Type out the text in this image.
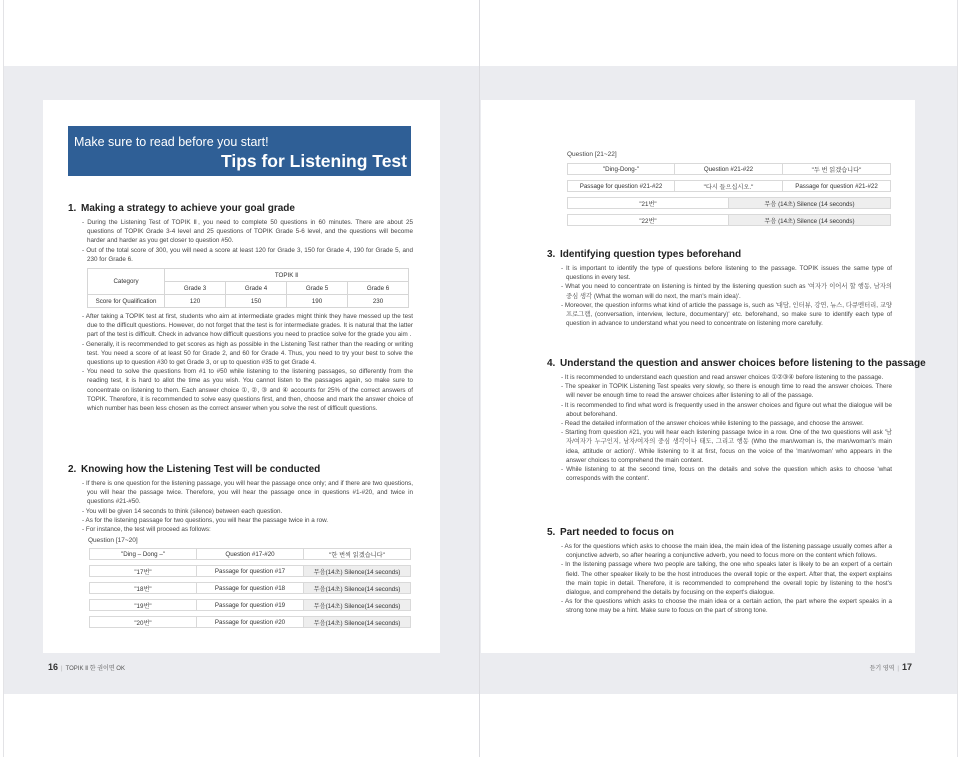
Make sure to read before you start!
Tips for Listening Test
1. Making a strategy to achieve your goal grade
- During the Listening Test of TOPIK Ⅱ, you need to complete 50 questions in 60 minutes. There are about 25 questions of TOPIK Grade 3-4 level and 25 questions of TOPIK Grade 5-6 level, and the questions will become harder and harder as you get closer to question #50.
- Out of the total score of 300, you will need a score at least 120 for Grade 3, 150 for Grade 4, 190 for Grade 5, and 230 for Grade 6.
Category	TOPIK Ⅱ			
	Grade 3	Grade 4	Grade 5	Grade 6
Score for Qualification	120	150	190	230
- After taking a TOPIK test at first, students who aim at intermediate grades might think they have messed up the test due to the difficult questions. However, do not forget that the test is for intermediate grades. It is natural that the latter part of the test is difficult. Check in advance how difficult questions you need to practice solve for the grade you aim .
- Generally, it is recommended to get scores as high as possible in the Listening Test rather than the reading or writing test. You need a score of at least 50 for Grade 2, and 60 for Grade 4. Thus, you need to try your best to solve the questions up to question #30 to get Grade 3, or up to question #35 to get Grade 4.
- You need to solve the questions from #1 to #50 while listening to the listening passages, so differently from the reading test, it is hard to allot the time as you wish. You cannot listen to the passages again, so make sure to concentrate on listening to them. Each answer choice ①, ②, ③ and ④ accounts for 25% of the correct answers of TOPIK. Therefore, it is recommended to solve easy questions first, and then, choose and mark the answer choice of which number has been less chosen as the correct answer when you solve the rest of difficult questions.
2. Knowing how the Listening Test will be conducted
- If there is one question for the listening passage, you will hear the passage once only; and if there are two questions, you will hear the passage twice. Therefore, you will hear the passage once in questions #1-#20, and twice in questions #21-#50.
- You will be given 14 seconds to think (silence) between each question.
- As for the listening passage for two questions, you will hear the passage twice in a row.
- For instance, the test will proceed as follows:
Question [17~20]
"Ding – Dong –"	Question #17-#20	"한 번씩 읽겠습니다"
"17번"	Passage for question #17	무음(14초) Silence(14 seconds)
"18번"	Passage for question #18	무음(14초) Silence(14 seconds)
"19번"	Passage for question #19	무음(14초) Silence(14 seconds)
"20번"	Passage for question #20	무음(14초) Silence(14 seconds)
16 | TOPIK Ⅱ 한 권이면 OK
Question [21~22]
"Ding-Dong-"	Question #21-#22	"두 번 읽겠습니다"
Passage for question #21-#22	"다시 들으십시오."	Passage for question #21-#22
"21번"	무음 (14초) Silence (14 seconds)
"22번"	무음 (14초) Silence (14 seconds)
3. Identifying question types beforehand
- It is important to identify the type of questions before listening to the passage. TOPIK issues the same type of questions in every test.
- What you need to concentrate on listening is hinted by the listening question such as '여자가 이어서 할 행동, 남자의 중심 생각 (What the woman will do next, the man's main idea)'.
- Moreover, the question informs what kind of article the passage is, such as '대담, 인터뷰, 강연, 뉴스, 다큐멘터리, 교양 프로그램, (conversation, interview, lecture, documentary)' etc. beforehand, so make sure to identify each type of question in advance to understand what you need to concentrate on listening more carefully.
4. Understand the question and answer choices before listening to the passage
- It is recommended to understand each question and read answer choices ①②③④ before listening to the passage.
- The speaker in TOPIK Listening Test speaks very slowly, so there is enough time to read the answer choices. There will never be enough time to read the answer choices after listening to all of the passage.
- It is recommended to find what word is frequently used in the answer choices and figure out what the dialogue will be about beforehand.
- Read the detailed information of the answer choices while listening to the passage, and choose the answer.
- Starting from question #21, you will hear each listening passage twice in a row. One of the two questions will ask '남자/여자가 누구인지, 남자/여자의 중심 생각이나 태도, 그리고 행동 (Who the man/woman is, the man/woman's main idea, attitude or action)'. While listening to it at first, focus on the voice of the 'man/woman' who appears in the answer choices to comprehend the main content.
- While listening to at the second time, focus on the details and solve the question which asks to choose 'what corresponds with the content'.
5. Part needed to focus on
- As for the questions which asks to choose the main idea, the main idea of the listening passage usually comes after a conjunctive adverb, so after hearing a conjunctive adverb, you need to focus more on the content which follows.
- In the listening passage where two people are talking, the one who speaks later is likely to be an expert of a certain field. The other speaker likely to be the host introduces the overall topic or the expert. After that, the expert explains the main topic in detail. Therefore, it is recommended to comprehend the overall topic by listening to the host's dialogue, and comprehend the details by focusing on the expert's dialogue.
- As for the questions which asks to choose the main idea or a certain action, the part where the expert speaks in a strong tone may be a hint. Make sure to focus on the part of strong tone.
듣기 영역 | 17
